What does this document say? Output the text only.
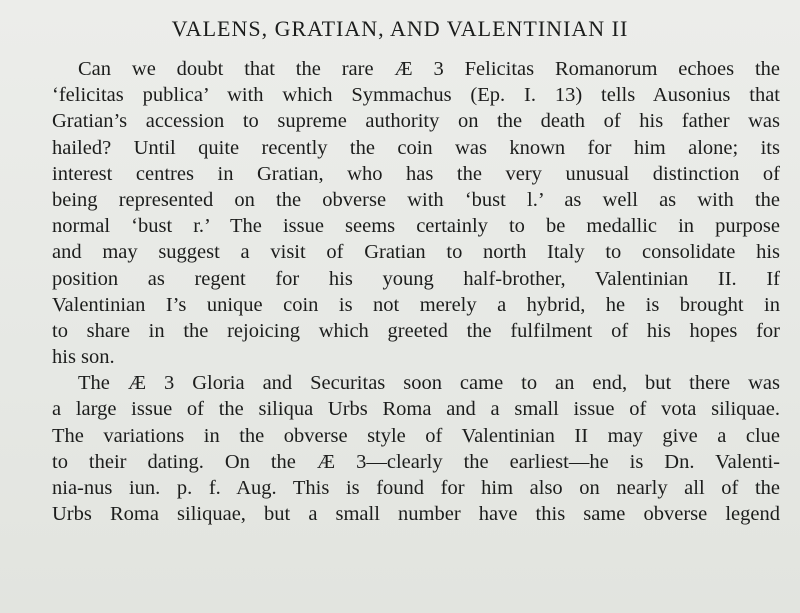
VALENS, GRATIAN, AND VALENTINIAN II
Can we doubt that the rare Æ 3 Felicitas Romanorum echoes the
‘felicitas publica’ with which Symmachus (Ep. I. 13) tells Ausonius that
Gratian’s accession to supreme authority on the death of his father was
hailed? Until quite recently the coin was known for him alone; its
interest centres in Gratian, who has the very unusual distinction of
being represented on the obverse with ‘bust l.’ as well as with the
normal ‘bust r.’ The issue seems certainly to be medallic in purpose
and may suggest a visit of Gratian to north Italy to consolidate his
position as regent for his young half-brother, Valentinian II. If
Valentinian I’s unique coin is not merely a hybrid, he is brought in
to share in the rejoicing which greeted the fulfilment of his hopes for
his son.
The Æ 3 Gloria and Securitas soon came to an end, but there was
a large issue of the siliqua Urbs Roma and a small issue of vota siliquae.
The variations in the obverse style of Valentinian II may give a clue
to their dating. On the Æ 3—clearly the earliest—he is Dn. Valenti-
nia-nus iun. p. f. Aug. This is found for him also on nearly all of the
Urbs Roma siliquae, but a small number have this same obverse legend
